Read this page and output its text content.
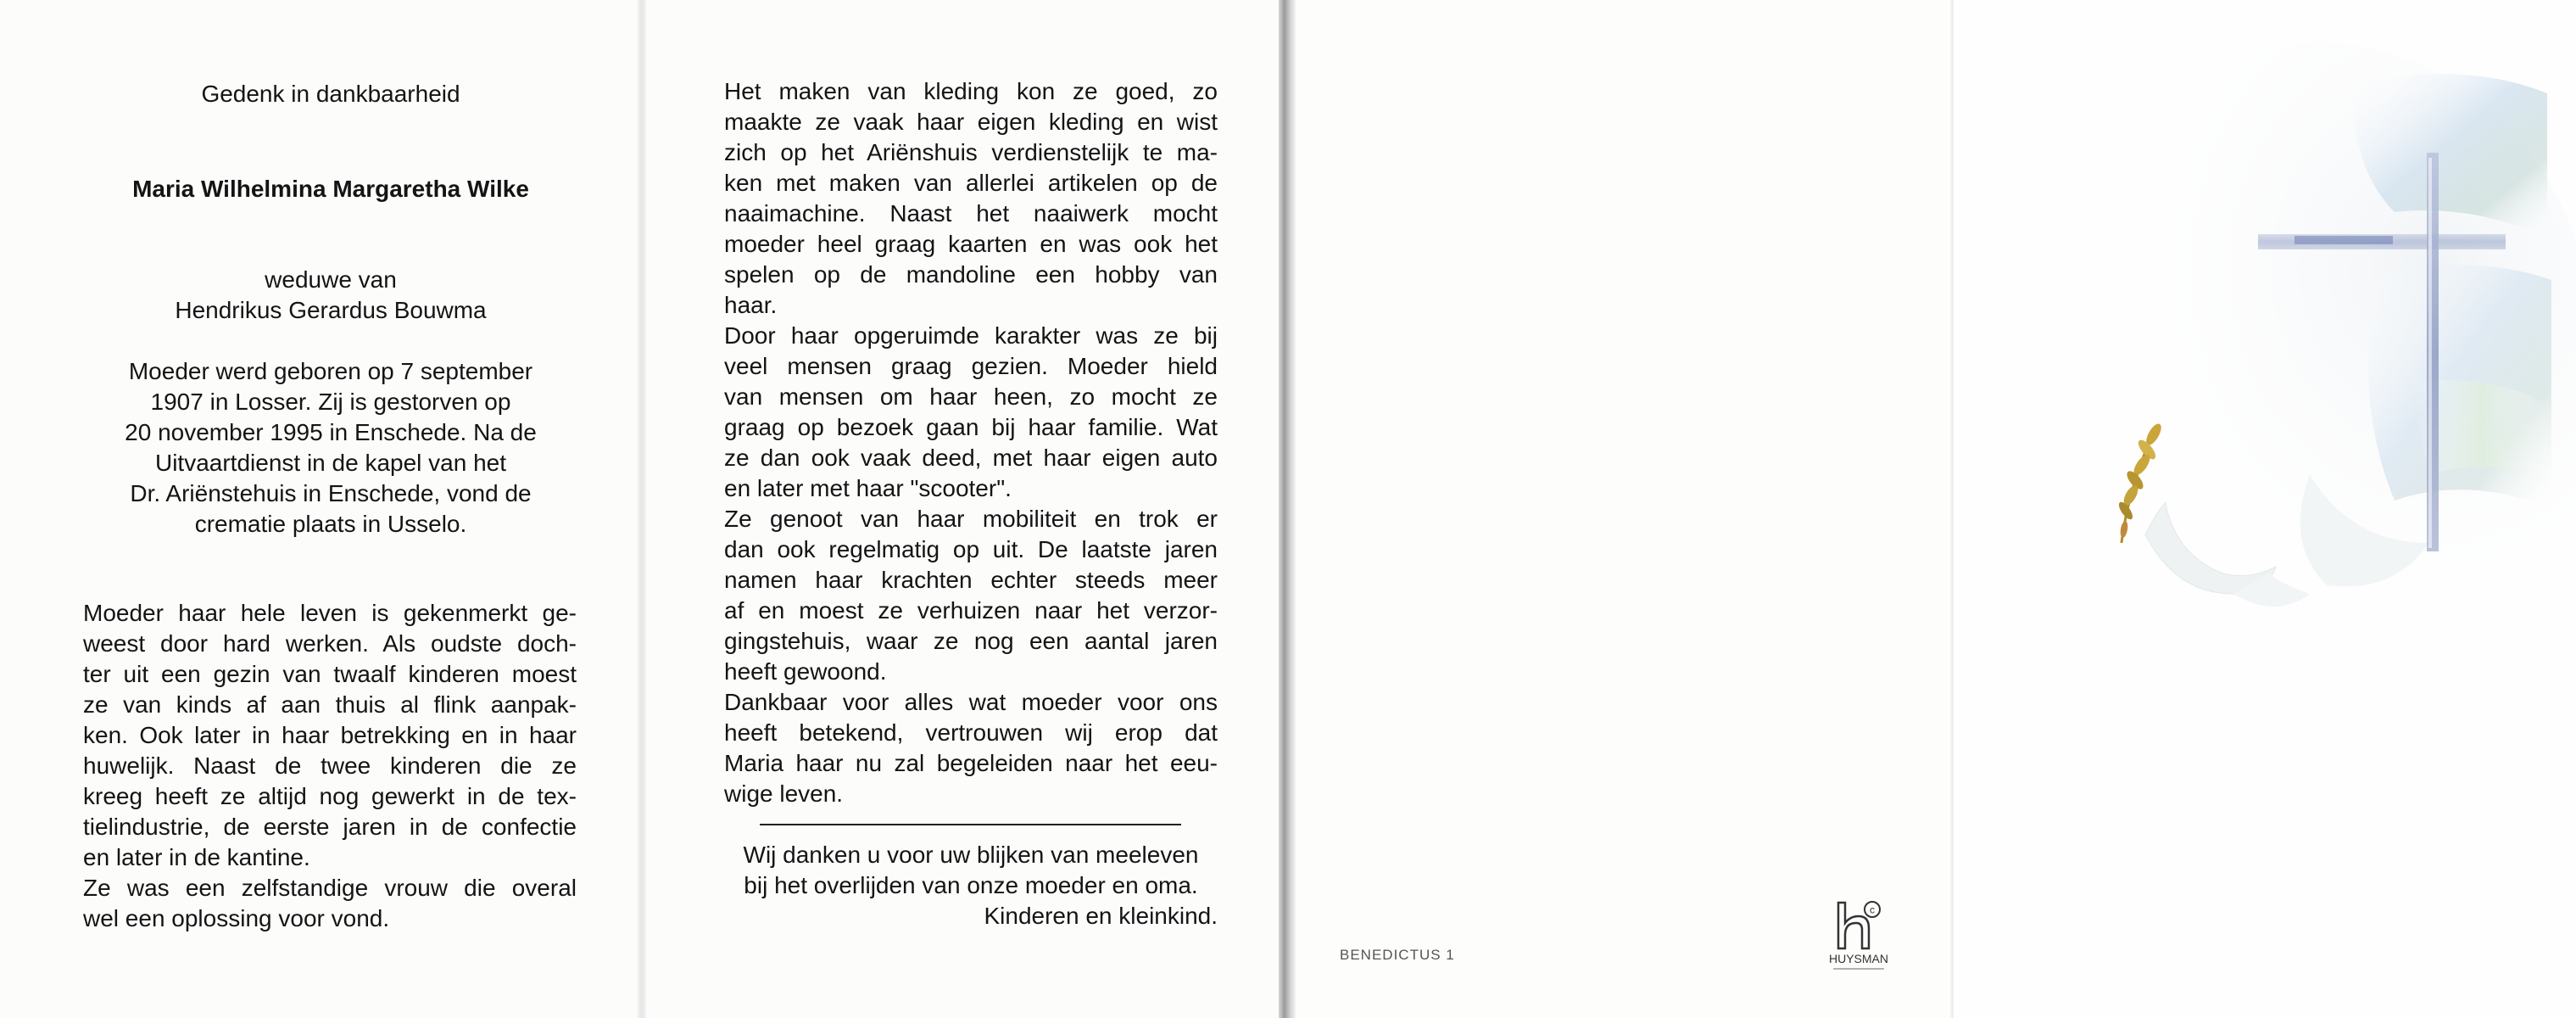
Gedenk in dankbaarheid

Maria Wilhelmina Margaretha Wilke

weduwe van

Hendrikus Gerardus Bouwma

Moeder werd geboren op 7 september
1907 in Losser. Zij is gestorven op
20 november 1995 in Enschede. Na de
Uitvaartdienst in de kapel van het
Dr. Ariënstehuis in Enschede, vond de
crematie plaats in Usselo.
Moeder haar hele leven is gekenmerkt ge-
weest door hard werken. Als oudste doch-
ter uit een gezin van twaalf kinderen moest
ze van kinds af aan thuis al flink aanpak-
ken. Ook later in haar betrekking en in haar
huwelijk. Naast de twee kinderen die ze
kreeg heeft ze altijd nog gewerkt in de tex-
tielindustrie, de eerste jaren in de confectie
en later in de kantine.
Ze was een zelfstandige vrouw die overal
wel een oplossing voor vond.
Het maken van kleding kon ze goed, zo
maakte ze vaak haar eigen kleding en wist
zich op het Ariënshuis verdienstelijk te ma-
ken met maken van allerlei artikelen op de
naaimachine. Naast het naaiwerk mocht
moeder heel graag kaarten en was ook het
spelen op de mandoline een hobby van
haar.
Door haar opgeruimde karakter was ze bij
veel mensen graag gezien. Moeder hield
van mensen om haar heen, zo mocht ze
graag op bezoek gaan bij haar familie. Wat
ze dan ook vaak deed, met haar eigen auto
en later met haar "scooter".
Ze genoot van haar mobiliteit en trok er
dan ook regelmatig op uit. De laatste jaren
namen haar krachten echter steeds meer
af en moest ze verhuizen naar het verzor-
gingstehuis, waar ze nog een aantal jaren
heeft gewoond.
Dankbaar voor alles wat moeder voor ons
heeft betekend, vertrouwen wij erop dat
Maria haar nu zal begeleiden naar het eeu-
wige leven.

Wij danken u voor uw blijken van meeleven

bij het overlijden van onze moeder en oma.

Kinderen en kleinkind.

BENEDICTUS 1
c
HUYSMAN
